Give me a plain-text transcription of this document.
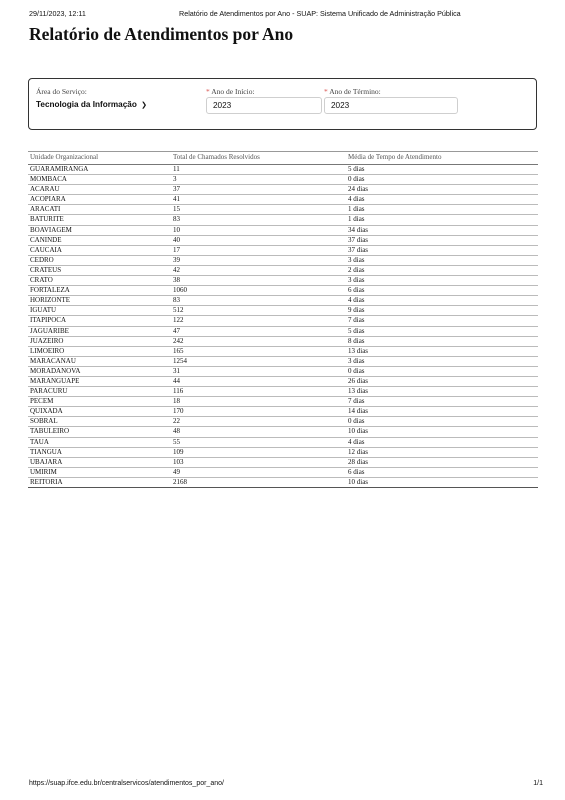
29/11/2023, 12:11	Relatório de Atendimentos por Ano - SUAP: Sistema Unificado de Administração Pública
Relatório de Atendimentos por Ano
Área do Serviço:
Tecnologia da Informação ❯
* Ano de Início:
2023	* Ano de Término:
2023
Unidade Organizacional	Total de Chamados Resolvidos	Média de Tempo de Atendimento
GUARAMIRANGA	11	5 dias
MOMBACA	3	0 dias
ACARAU	37	24 dias
ACOPIARA	41	4 dias
ARACATI	15	1 dias
BATURITE	83	1 dias
BOAVIAGEM	10	34 dias
CANINDE	40	37 dias
CAUCAIA	17	37 dias
CEDRO	39	3 dias
CRATEUS	42	2 dias
CRATO	38	3 dias
FORTALEZA	1060	6 dias
HORIZONTE	83	4 dias
IGUATU	512	9 dias
ITAPIPOCA	122	7 dias
JAGUARIBE	47	5 dias
JUAZEIRO	242	8 dias
LIMOEIRO	165	13 dias
MARACANAU	1254	3 dias
MORADANOVA	31	0 dias
MARANGUAPE	44	26 dias
PARACURU	116	13 dias
PECEM	18	7 dias
QUIXADA	170	14 dias
SOBRAL	22	0 dias
TABULEIRO	48	10 dias
TAUA	55	4 dias
TIANGUA	109	12 dias
UBAJARA	103	28 dias
UMIRIM	49	6 dias
REITORIA	2168	10 dias
https://suap.ifce.edu.br/centralservicos/atendimentos_por_ano/	1/1
